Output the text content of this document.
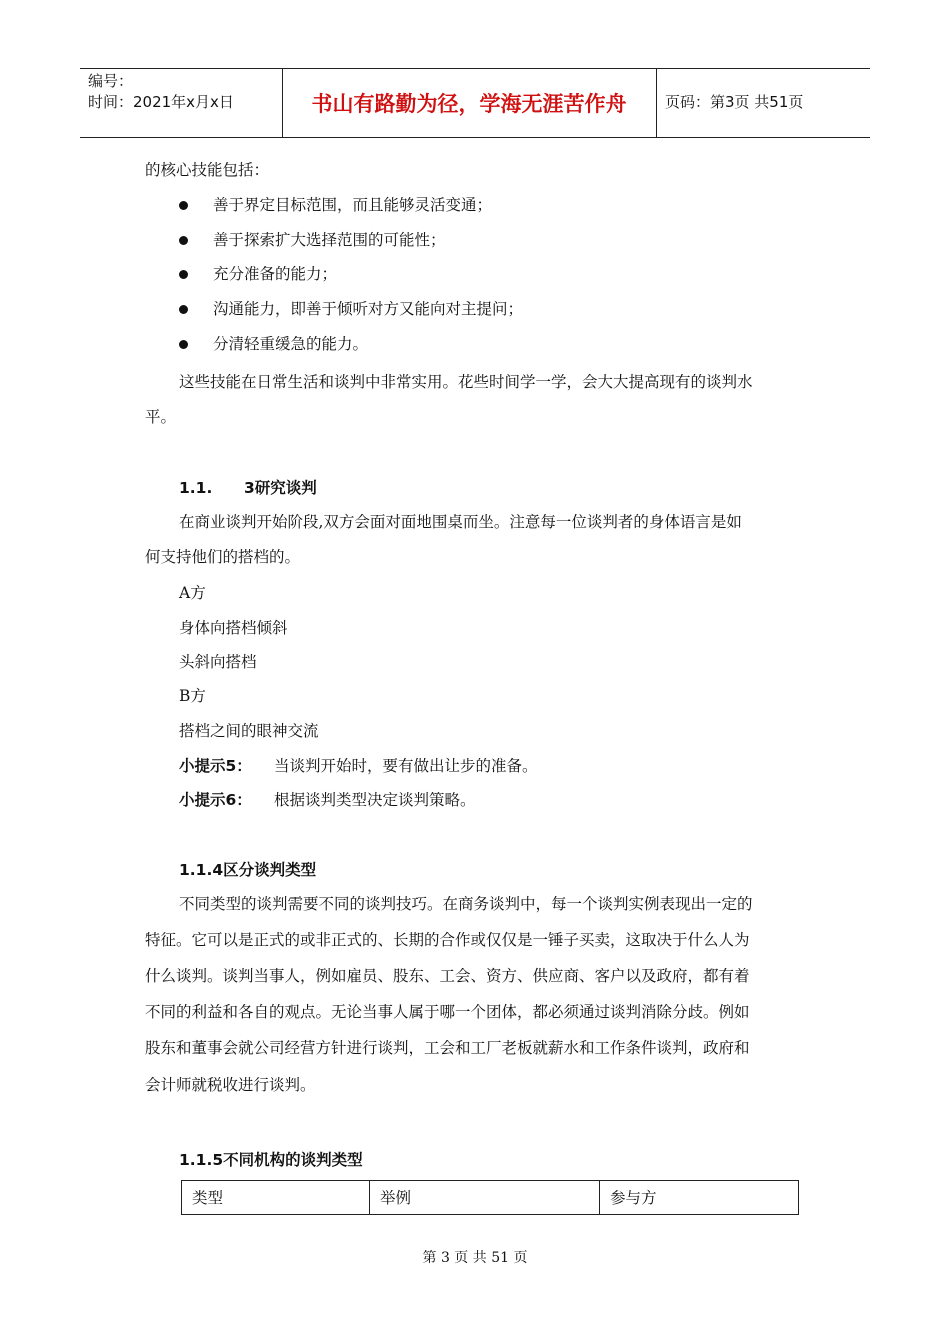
编号：
时间：2021年x月x日	书山有路勤为径，学海无涯苦作舟	页码：第3页 共51页
的核心技能包括：
善于界定目标范围，而且能够灵活变通；
善于探索扩大选择范围的可能性；
充分准备的能力；
沟通能力，即善于倾听对方又能向对主提问；
分清轻重缓急的能力。
这些技能在日常生活和谈判中非常实用。花些时间学一学，会大大提高现有的谈判水
平。
1.1. 3研究谈判
在商业谈判开始阶段,双方会面对面地围桌而坐。注意每一位谈判者的身体语言是如
何支持他们的搭档的。
A方
身体向搭档倾斜
头斜向搭档
B方
搭档之间的眼神交流
小提示5： 当谈判开始时，要有做出让步的准备。
小提示6： 根据谈判类型决定谈判策略。
1.1.4区分谈判类型
不同类型的谈判需要不同的谈判技巧。在商务谈判中，每一个谈判实例表现出一定的
特征。它可以是正式的或非正式的、长期的合作或仅仅是一锤子买卖，这取决于什么人为
什么谈判。谈判当事人，例如雇员、股东、工会、资方、供应商、客户以及政府，都有着
不同的利益和各自的观点。无论当事人属于哪一个团体，都必须通过谈判消除分歧。例如
股东和董事会就公司经营方针进行谈判，工会和工厂老板就薪水和工作条件谈判，政府和
会计师就税收进行谈判。
1.1.5不同机构的谈判类型
类型	举例	参与方
第 3 页 共 51 页
